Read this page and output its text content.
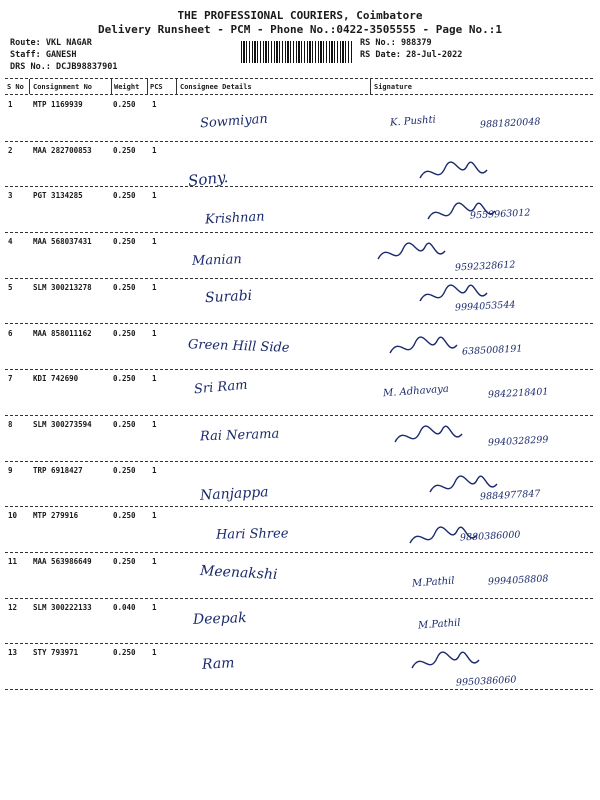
THE PROFESSIONAL COURIERS, Coimbatore
Delivery Runsheet - PCM - Phone No.:0422-3505555 - Page No.:1
Route: VKL NAGAR
Staff: GANESH
DRS No.: DCJB98837901
RS No.: 988379
RS Date: 28-Jul-2022
S No Consignment No	Weight PCS Consignee Details	Signature
1	MTP 1169939	0.250 1
Sowmiyan	K. Pushti	9881820048
2	MAA 282700853	0.250 1
Sony.
3	PGT 3134285	0.250 1
Krishnan	9559963012
4	MAA 568037431	0.250 1
Manian	9592328612
5	SLM 300213278	0.250 1
Surabi
9994053544
6	MAA 858011162	0.250 1
Green Hill Side	6385008191
7	KDI 742690	0.250 1	Sri Ram	M. Adhavaya	9842218401
8	SLM 300273594	0.250 1
Rai Nerama	9940328299
9	TRP 6918427	0.250 1
Nanjappa	9884977847
10 MTP 279916	0.250 1
Hari Shree	9880386000
11 MAA 563986649	0.250 1
Meenakshi	M.Pathil	9994058808
12 SLM 300222133	0.040 1
Deepak	M.Pathil
13 STY 793971	0.250 1
Ram
9950386060
